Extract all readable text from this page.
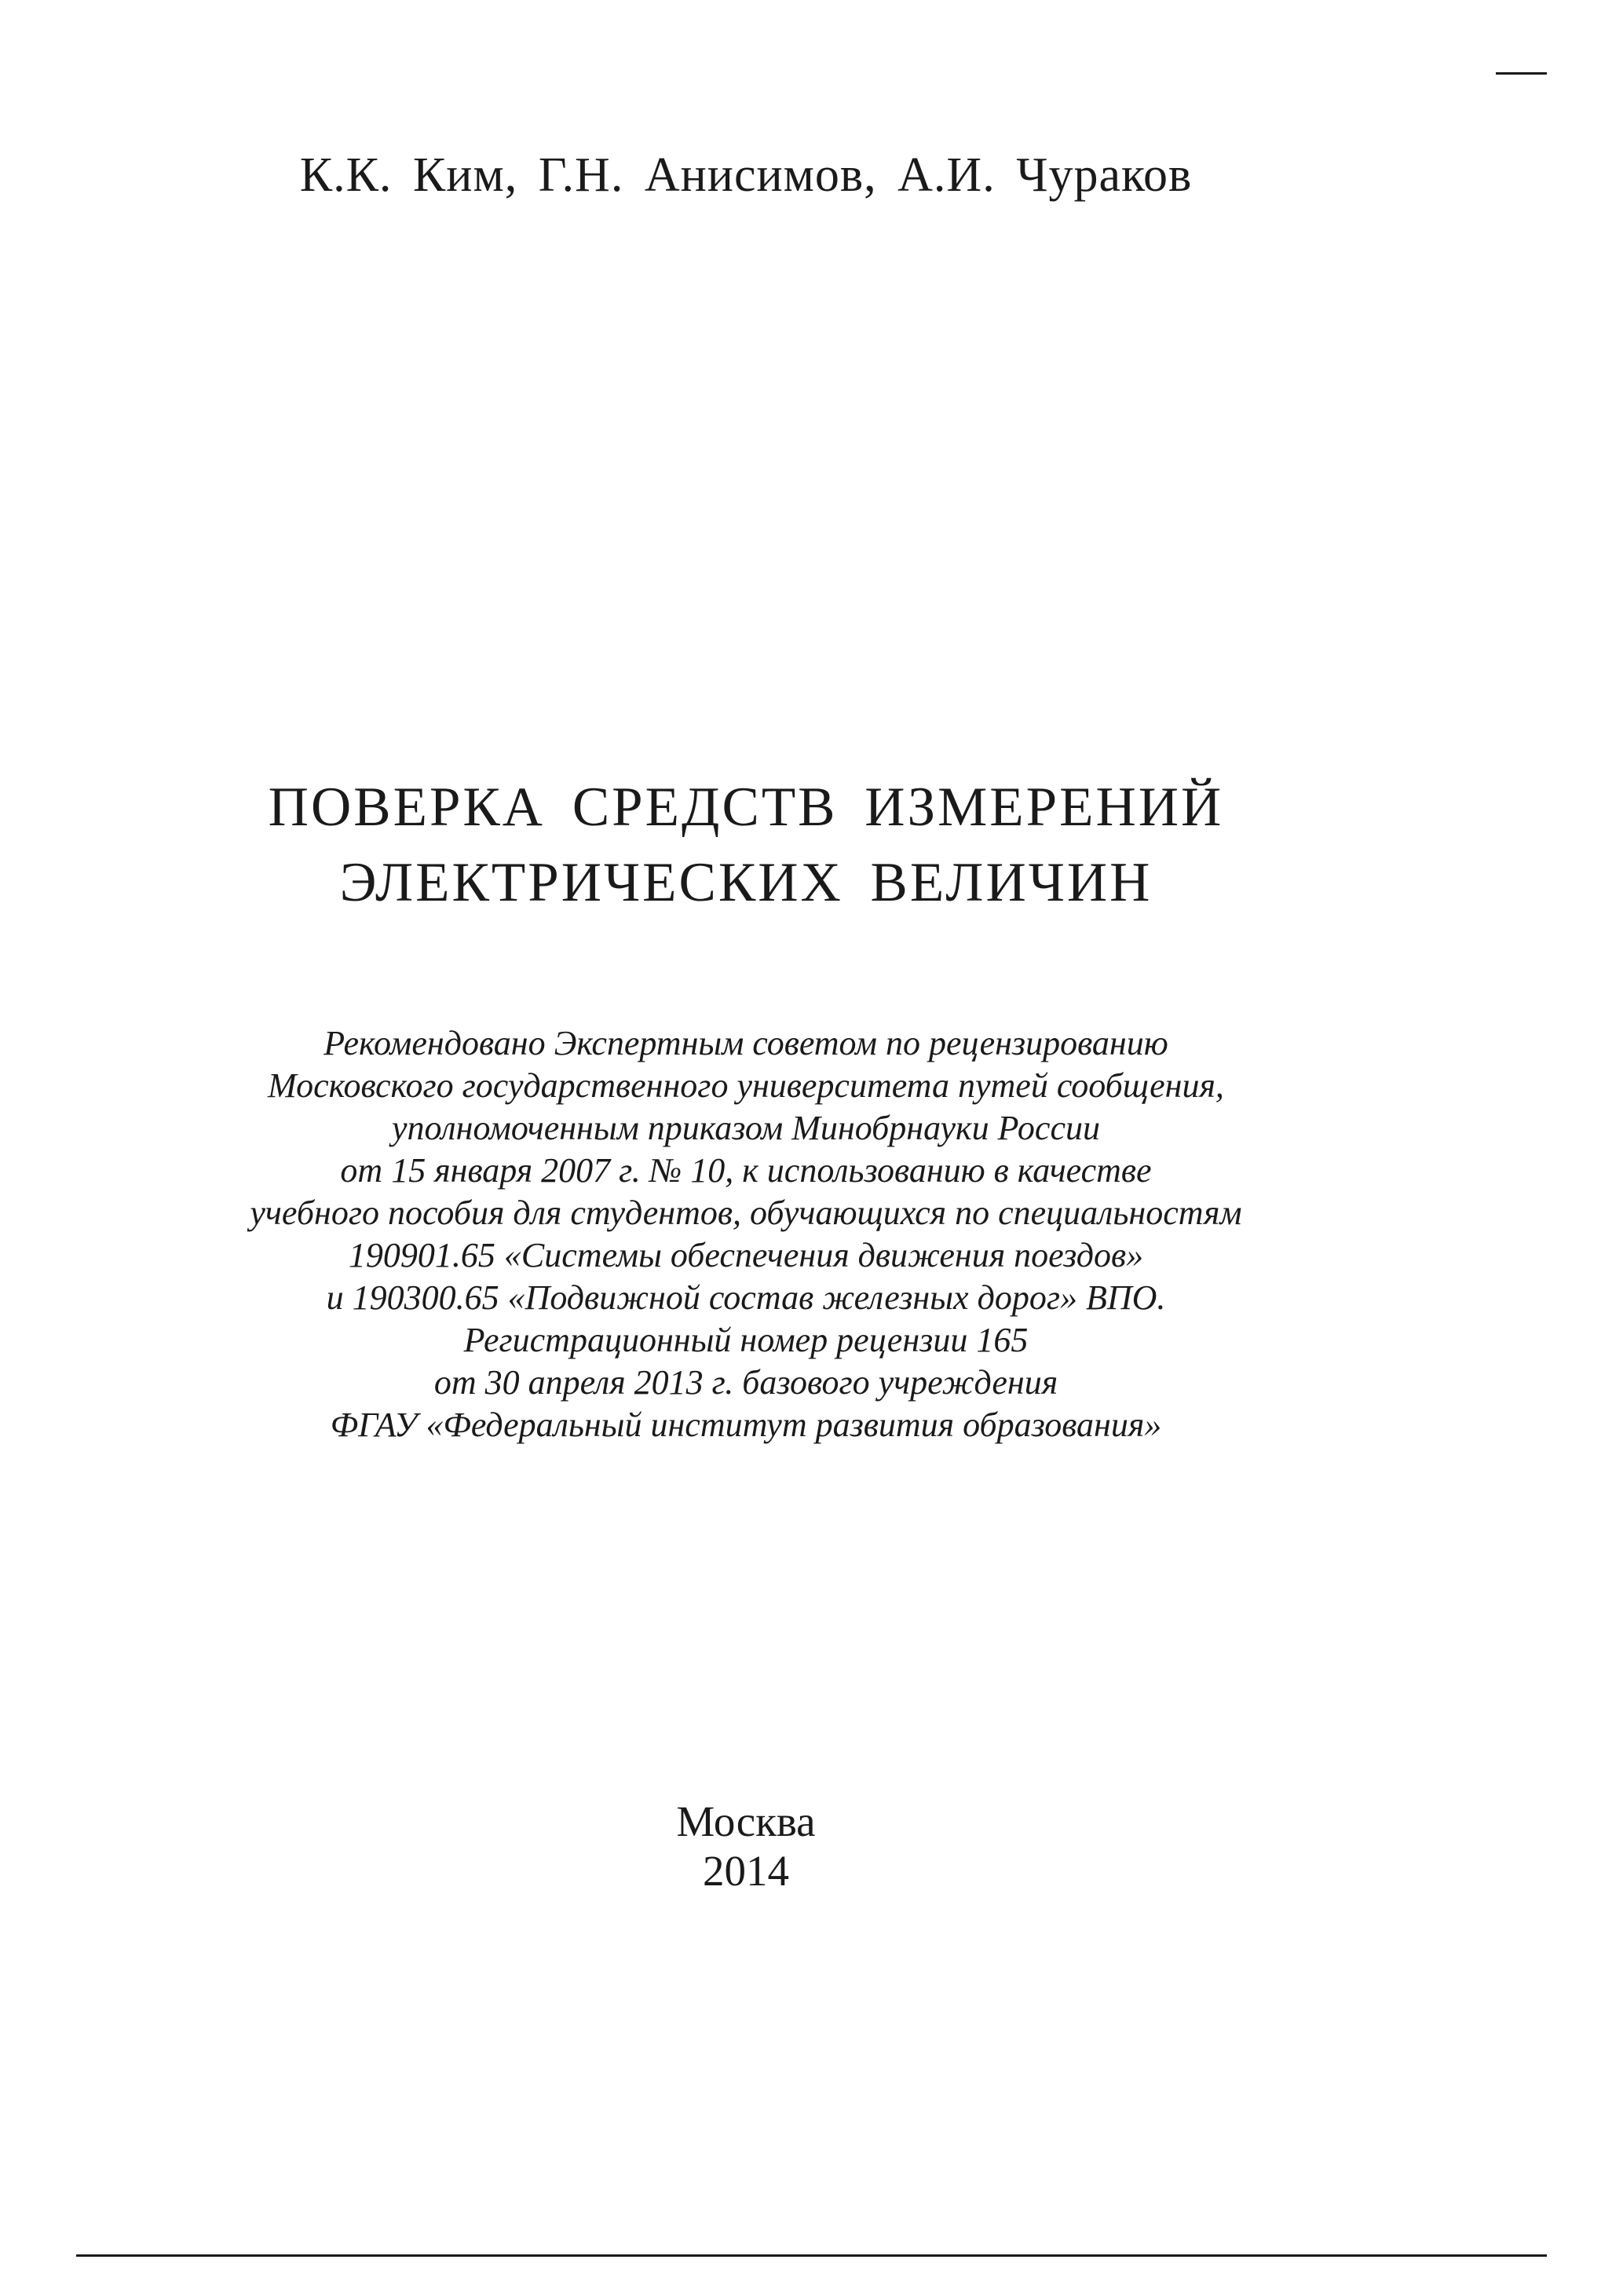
К.К. Ким, Г.Н. Анисимов, А.И. Чураков
ПОВЕРКА СРЕДСТВ ИЗМЕРЕНИЙ
ЭЛЕКТРИЧЕСКИХ ВЕЛИЧИН
Рекомендовано Экспертным советом по рецензированию
Московского государственного университета путей сообщения,
уполномоченным приказом Минобрнауки России
от 15 января 2007 г. № 10, к использованию в качестве
учебного пособия для студентов, обучающихся по специальностям
190901.65 «Системы обеспечения движения поездов»
и 190300.65 «Подвижной состав железных дорог» ВПО.
Регистрационный номер рецензии 165
от 30 апреля 2013 г. базового учреждения
ФГАУ «Федеральный институт развития образования»
Москва
2014
